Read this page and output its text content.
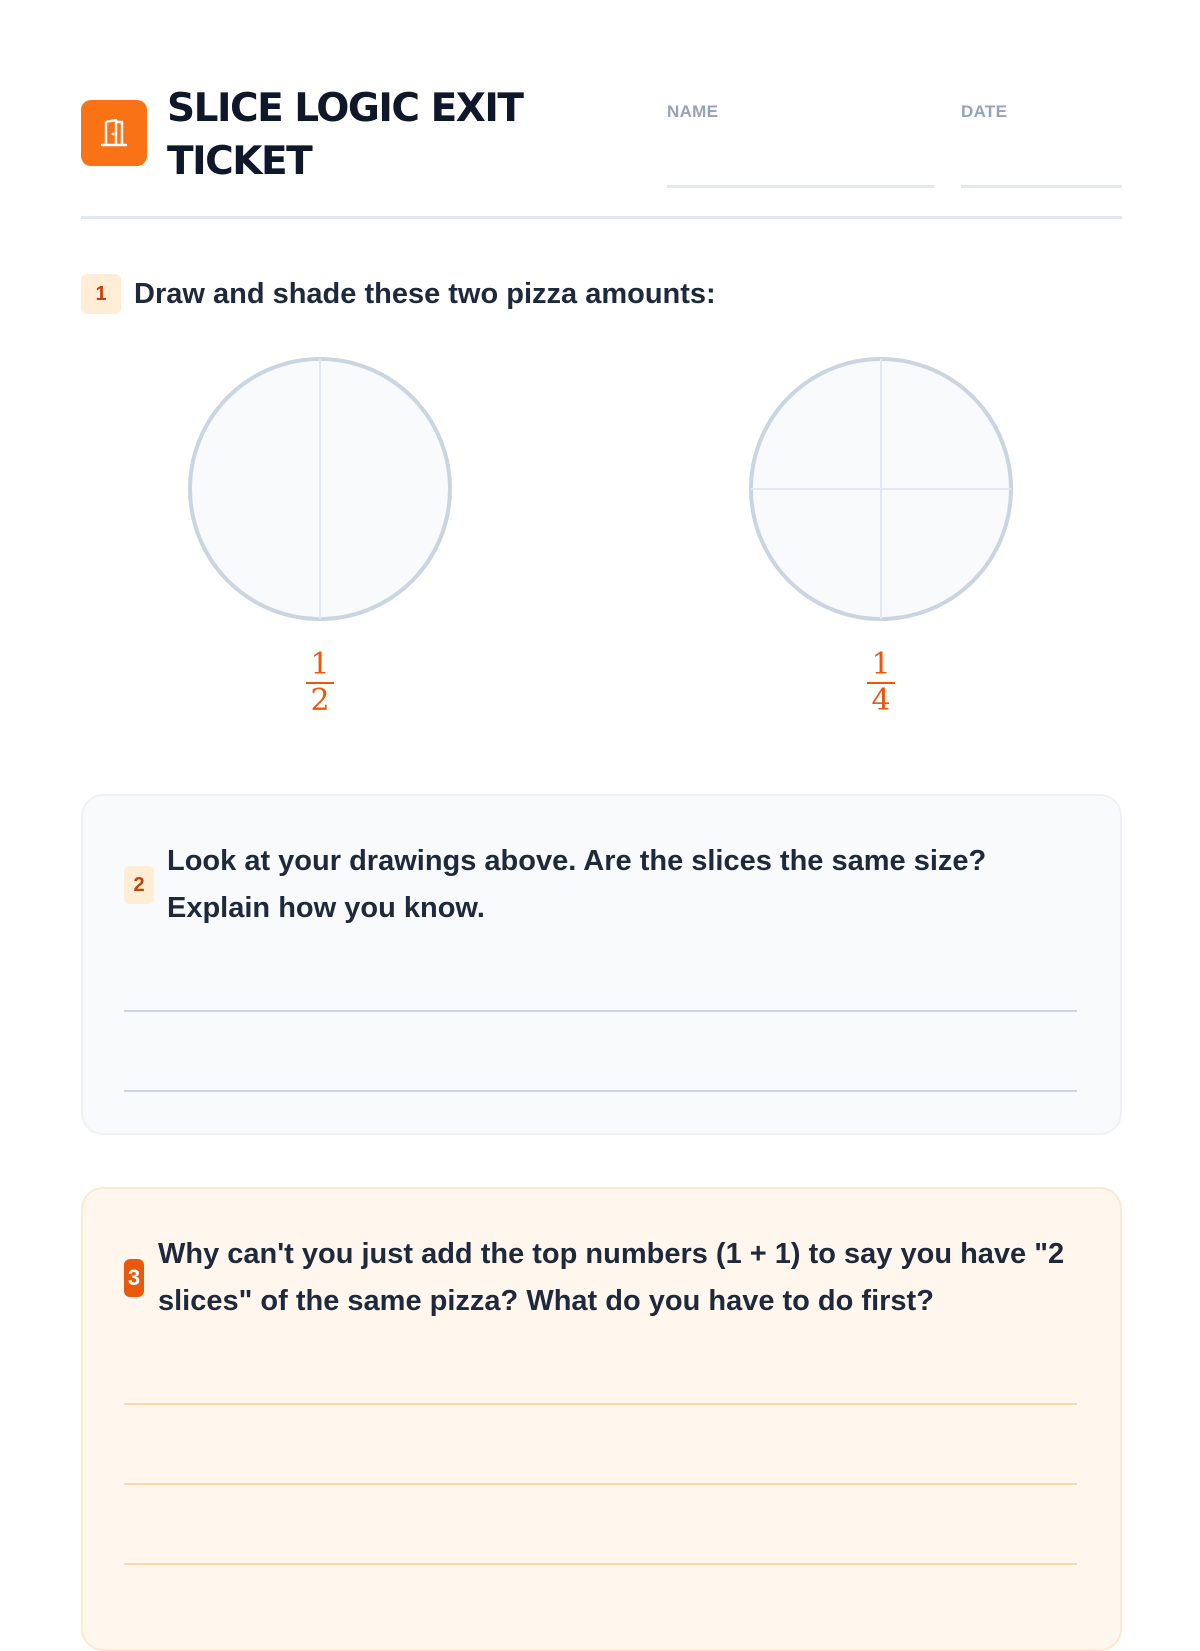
SLICE LOGIC EXIT TICKET
NAME	DATE
1 Draw and shade these two pizza amounts:
1
2
1
4
2
Look at your drawings above. Are the slices the same size? Explain how you know.
3
Why can't you just add the top numbers (1 + 1) to say you have "2 slices" of the same pizza? What do you have to do first?
